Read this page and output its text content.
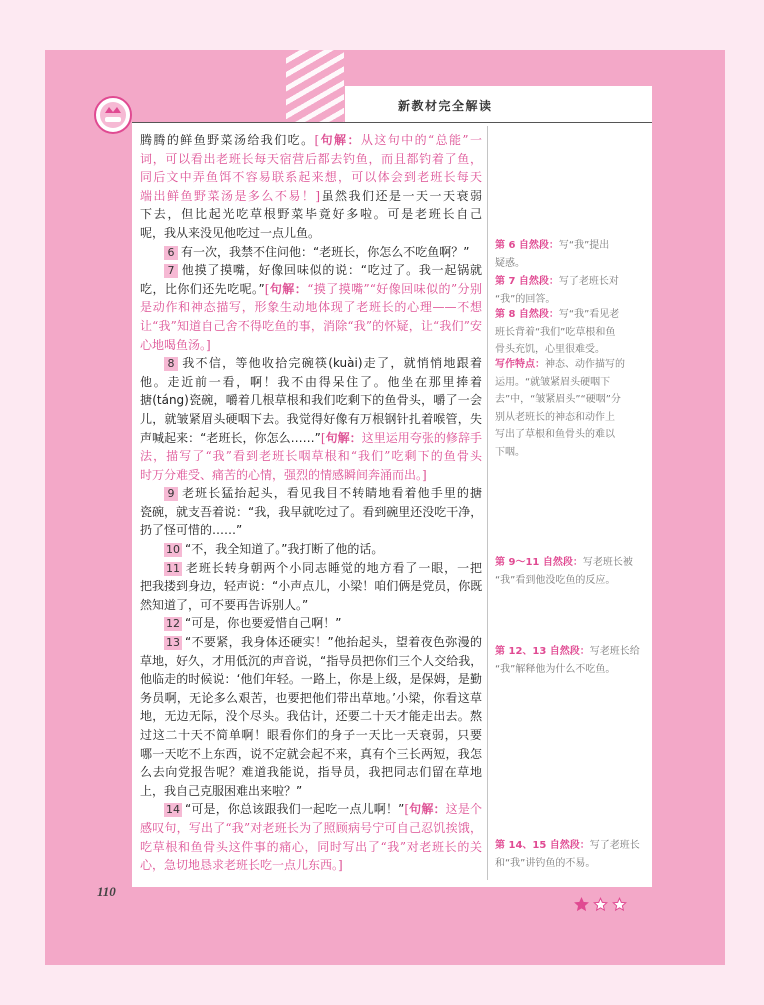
新教材完全解读
腾腾的鲜鱼野菜汤给我们吃。[句解：从这句中的“总能”一
词，可以看出老班长每天宿营后都去钓鱼，而且都钓着了鱼，
同后文中弄鱼饵不容易联系起来想，可以体会到老班长每天
端出鲜鱼野菜汤是多么不易！]虽然我们还是一天一天衰弱
下去，但比起光吃草根野菜毕竟好多啦。可是老班长自己
呢，我从来没见他吃过一点儿鱼。
6 有一次，我禁不住问他：“老班长，你怎么不吃鱼啊？”
7 他摸了摸嘴，好像回味似的说：“吃过了。我一起锅就
吃，比你们还先吃呢。”[句解：“摸了摸嘴”“好像回味似的”分别
是动作和神态描写，形象生动地体现了老班长的心理——不想
让“我”知道自己舍不得吃鱼的事，消除“我”的怀疑，让“我们”安
心地喝鱼汤。]
8 我不信，等他收拾完碗筷(kuài)走了，就悄悄地跟着
他。走近前一看，啊！我不由得呆住了。他坐在那里捧着
搪(táng)瓷碗，嚼着几根草根和我们吃剩下的鱼骨头，嚼了一会
儿，就皱紧眉头硬咽下去。我觉得好像有万根钢针扎着喉管，失
声喊起来：“老班长，你怎么……”[句解：这里运用夸张的修辞手
法，描写了“我”看到老班长咽草根和“我们”吃剩下的鱼骨头
时万分难受、痛苦的心情，强烈的情感瞬间奔涌而出。]
9 老班长猛抬起头，看见我目不转睛地看着他手里的搪
瓷碗，就支吾着说：“我，我早就吃过了。看到碗里还没吃干净，
扔了怪可惜的……”
10 “不，我全知道了。”我打断了他的话。
11 老班长转身朝两个小同志睡觉的地方看了一眼，一把
把我搂到身边，轻声说：“小声点儿，小梁！咱们俩是党员，你既
然知道了，可不要再告诉别人。”
12 “可是，你也要爱惜自己啊！”
13 “不要紧，我身体还硬实！”他抬起头，望着夜色弥漫的
草地，好久，才用低沉的声音说，“指导员把你们三个人交给我，
他临走的时候说：‘他们年轻。一路上，你是上级，是保姆，是勤
务员啊，无论多么艰苦，也要把他们带出草地。’小梁，你看这草
地，无边无际，没个尽头。我估计，还要二十天才能走出去。熬
过这二十天不简单啊！眼看你们的身子一天比一天衰弱，只要
哪一天吃不上东西，说不定就会起不来，真有个三长两短，我怎
么去向党报告呢？难道我能说，指导员，我把同志们留在草地
上，我自己克服困难出来啦？”
14 “可是，你总该跟我们一起吃一点儿啊！”[句解：这是个
感叹句，写出了“我”对老班长为了照顾病号宁可自己忍饥挨饿，
吃草根和鱼骨头这件事的痛心，同时写出了“我”对老班长的关
心，急切地恳求老班长吃一点儿东西。]
第 6 自然段：写“我”提出
疑惑。
第 7 自然段：写了老班长对
“我”的回答。
第 8 自然段：写“我”看见老
班长背着“我们”吃草根和鱼
骨头充饥，心里很难受。
写作特点：神态、动作描写的
运用。“就皱紧眉头硬咽下
去”中，“皱紧眉头”“硬咽”分
别从老班长的神态和动作上
写出了草根和鱼骨头的难以
下咽。
第 9～11 自然段：写老班长被
“我”看到他没吃鱼的反应。
第 12、13 自然段：写老班长给
“我”解释他为什么不吃鱼。
第 14、15 自然段：写了老班长
和“我”讲钓鱼的不易。
110
